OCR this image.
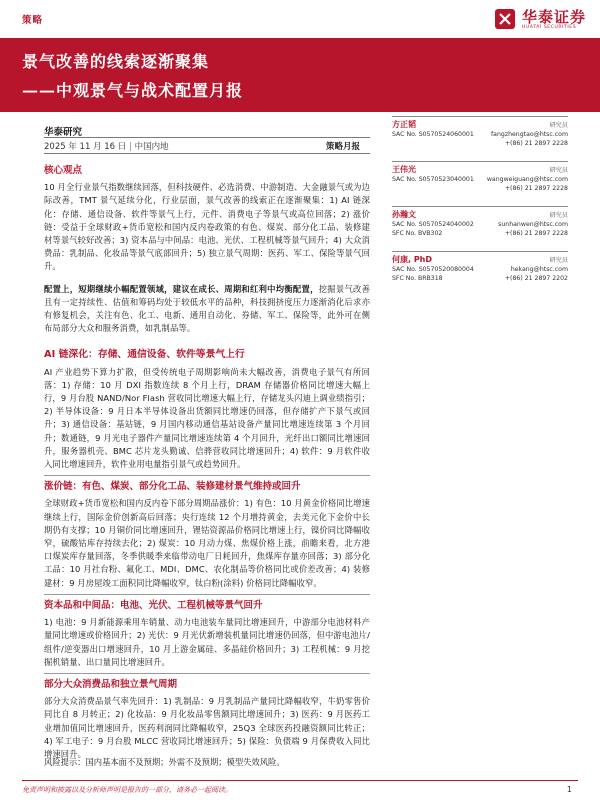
策略	华泰证券
HUATAI SECURITIES
景气改善的线索逐渐聚集
——中观景气与战术配置月报
华泰研究
2025 年 11 月 16 日 | 中国内地	策略月报
核心观点

10 月全行业景气指数继续回落，但科技硬件、必选消费、中游制造、大金融景气或为边际改善，TMT 景气延续分化，行业层面，景气改善的线索正在逐渐聚集：1) AI 链深化：存储、通信设备、软件等景气上行，元件、消费电子等景气或高位回落；2) 涨价链：受益于全球财政+货币宽松和国内反内卷政策的有色、煤炭、部分化工品、装修建材等景气较好改善；3) 资本品与中间品：电池、光伏、工程机械等景气回升；4) 大众消费品：乳制品、化妆品等景气底部回升；5) 独立景气周期：医药、军工、保险等景气回升。

配置上，短期继续小幅配置领域，建议在成长、周期和红利中均衡配置，挖掘景气改善且有一定持续性、估值和筹码均处于较低水平的品种，科技拥挤度压力逐渐消化后求亦有修复机会，关注有色、化工、电新、通用自动化、券储、军工、保险等，此外可在侧布局部分大众和服务消费，如乳制品等。

AI 链深化：存储、通信设备、软件等景气上行

AI 产业趋势下算力扩散，但受传统电子周期影响尚未大幅改善，消费电子景气有所回落：1) 存储：10 月 DXI 指数连续 8 个月上行，DRAM 存储器价格同比增速大幅上行，9 月台股 NAND/Nor Flash 营收同比增速大幅上行，存储龙头闪迪上调业绩指引；2) 半导体设备：9 月日本半导体设备出货额同比增速仍回落，但存储扩产下景气或回升；3) 通信设备：基站链，9 月国内移动通信基站设备产量同比增速连续第 3 个月回升；数通链，9 月光电子器件产量同比增速连续第 4 个月回升，光纤出口额同比增速回升，服务器机壳、BMC 芯片龙头勤诚、信骅营收同比增速回升；4) 软件：9 月软件收入同比增速回升，软件业用电量指引景气或趋势回升。

涨价链：有色、煤炭、部分化工品、装修建材景气维持或回升

全球财政+货币宽松和国内反内卷下部分周期品涨价：1) 有色：10 月黄金价格同比增速继续上行，国际金价创新高后回落；央行连续 12 个月增持黄金，去美元化下金价中长期仍有支撑；10 月铜价同比增速回升，锂钴资源品价格同比增速上行，镍价同比降幅收窄，硫酸钴库存持续去化；2) 煤炭：10 月动力煤、焦煤价格上涨，前瞻来看，北方港口煤炭库存量回落，冬季供暖季来临带动电厂日耗回升，焦煤库存量亦回落；3) 部分化工品：10 月社台粉、氟化工、MDI、DMC、农化制品等价格同比或价差改善；4) 装修建材：9 月房屋竣工面积同比降幅收窄，钛白粉(涂料) 价格同比降幅收窄。

资本品和中间品：电池、光伏、工程机械等景气回升

1) 电池：9 月新能源乘用车销量、动力电池装车量同比增速回升，中游部分电池材料产量同比增速或价格回升；2) 光伏：9 月光伏新增装机量同比增速仍回落，但中游电池片/组件/逆变器出口增速回升，10 月上游金属硅、多晶硅价格回升；3) 工程机械：9 月挖掘机销量、出口量同比增速回升。

部分大众消费品和独立景气周期

部分大众消费品景气率先回升：1) 乳制品：9 月乳制品产量同比降幅收窄，牛奶零售价同比自 8 月转正；2) 化妆品：9 月化妆品零售额同比增速回升；3) 医药：9 月医药工业增加值同比增速回升，医药利润同比降幅收窄，25Q3 全球医药投融资额同比转正；4) 军工电子：9 月台股 MLCC 营收同比增速回升；5) 保险：负债端 9 月保费收入同比增速回升。

风险提示：国内基本面不及预期；外需不及预期；模型失效风险。
方正韬	研究员
SAC No. S0570524060001	fangzhengtao@htsc.com
+(86) 21 2897 2228
王伟光	研究员
SAC No. S0570523040001 wangweiguang@htsc.com
+(86) 21 2897 2228
孙瀚文	研究员
SAC No. S0570524040002	sunhanwen@htsc.com
SFC No. BVB302	+(86) 21 2897 2228
何康, PhD	研究员
SAC No. S0570520080004	hekang@htsc.com
SFC No. BRB318	+(86) 21 2897 2202
免责声明和披露以及分析师声明是报告的一部分，请务必一起阅读。	1
